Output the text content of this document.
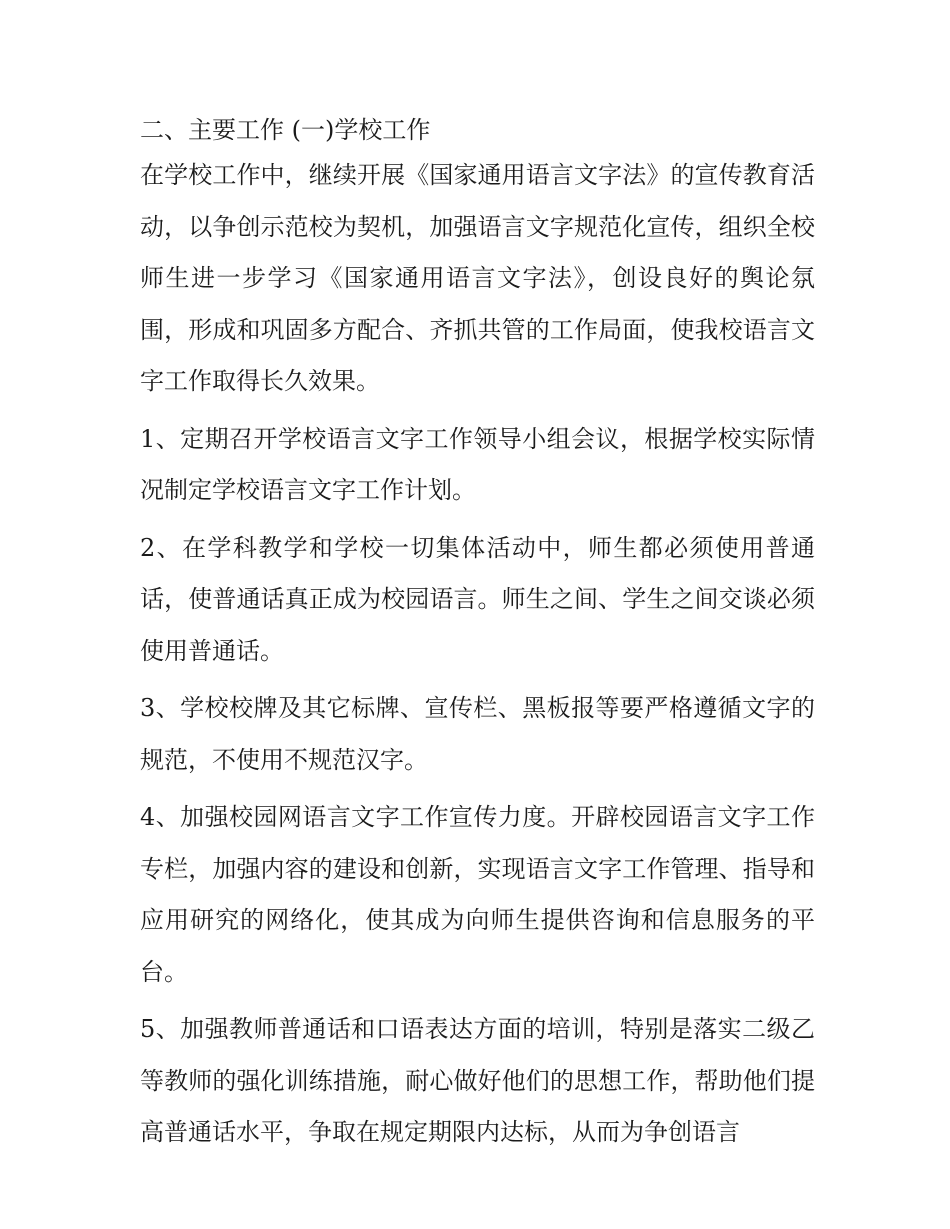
二、主要工作 (一)学校工作

在学校工作中，继续开展《国家通用语言文字法》的宣传教育活动，以争创示范校为契机，加强语言文字规范化宣传，组织全校师生进一步学习《国家通用语言文字法》，创设良好的舆论氛围，形成和巩固多方配合、齐抓共管的工作局面，使我校语言文字工作取得长久效果。

1、定期召开学校语言文字工作领导小组会议，根据学校实际情况制定学校语言文字工作计划。

2、在学科教学和学校一切集体活动中，师生都必须使用普通话，使普通话真正成为校园语言。师生之间、学生之间交谈必须使用普通话。

3、学校校牌及其它标牌、宣传栏、黑板报等要严格遵循文字的规范，不使用不规范汉字。

4、加强校园网语言文字工作宣传力度。开辟校园语言文字工作专栏，加强内容的建设和创新，实现语言文字工作管理、指导和应用研究的网络化，使其成为向师生提供咨询和信息服务的平台。

5、加强教师普通话和口语表达方面的培训，特别是落实二级乙等教师的强化训练措施，耐心做好他们的思想工作，帮助他们提高普通话水平，争取在规定期限内达标，从而为争创语言
